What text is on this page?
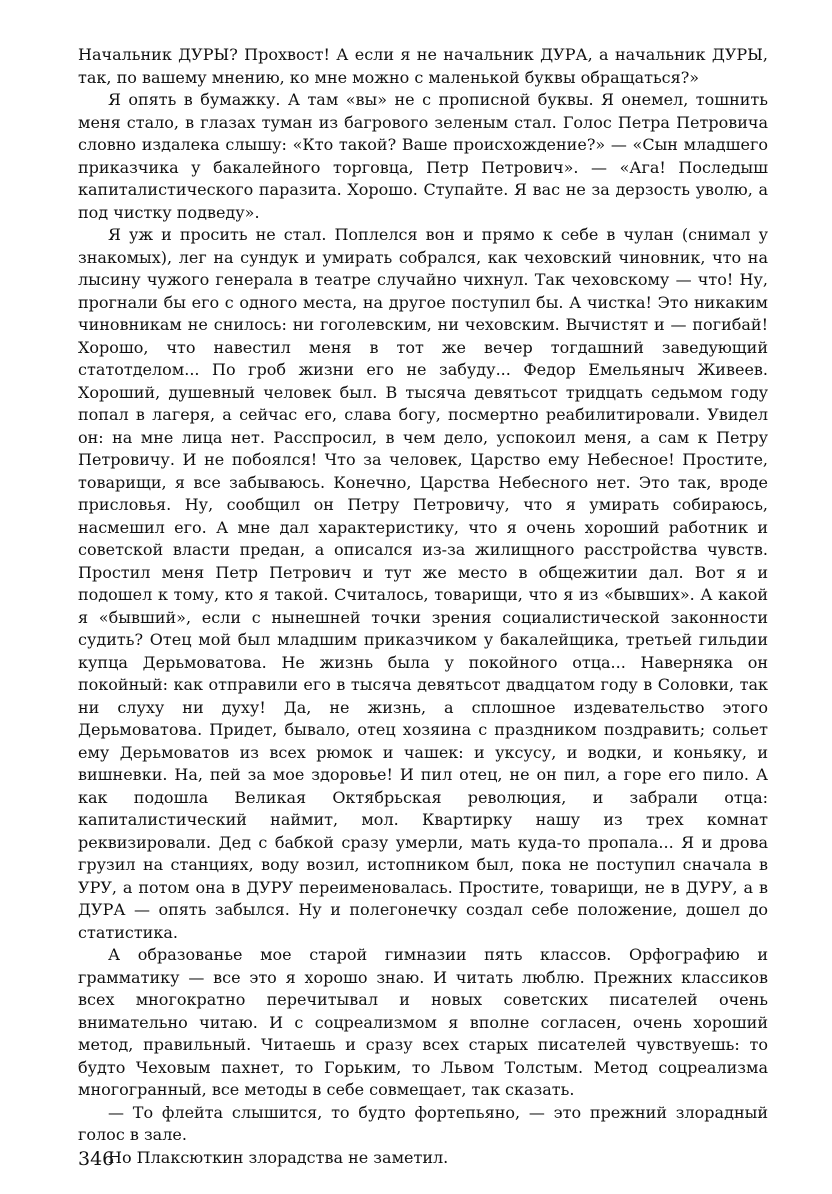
Начальник ДУРЫ? Прохвост! А если я не начальник ДУРА, а начальник ДУРЫ, так, по вашему мнению, ко мне можно с маленькой буквы обращаться?»

Я опять в бумажку. А там «вы» не с прописной буквы. Я онемел, тошнить меня стало, в глазах туман из багрового зеленым стал. Голос Петра Петровича словно издалека слышу: «Кто такой? Ваше происхождение?» — «Сын младшего приказчика у бакалейного торговца, Петр Петрович». — «Ага! Последыш капиталистического паразита. Хорошо. Ступайте. Я вас не за дерзость уволю, а под чистку подведу».

Я уж и просить не стал. Поплелся вон и прямо к себе в чулан (снимал у знакомых), лег на сундук и умирать собрался, как чеховский чиновник, что на лысину чужого генерала в театре случайно чихнул. Так чеховскому — что! Ну, прогнали бы его с одного места, на другое поступил бы. А чистка! Это никаким чиновникам не снилось: ни гоголевским, ни чеховским. Вычистят и — погибай! Хорошо, что навестил меня в тот же вечер тогдашний заведующий статотделом... По гроб жизни его не забуду... Федор Емельяныч Живеев. Хороший, душевный человек был. В тысяча девятьсот тридцать седьмом году попал в лагеря, а сейчас его, слава богу, посмертно реабилитировали. Увидел он: на мне лица нет. Расспросил, в чем дело, успокоил меня, а сам к Петру Петровичу. И не побоялся! Что за человек, Царство ему Небесное! Простите, товарищи, я все забываюсь. Конечно, Царства Небесного нет. Это так, вроде присловья. Ну, сообщил он Петру Петровичу, что я умирать собираюсь, насмешил его. А мне дал характеристику, что я очень хороший работник и советской власти предан, а описался из-за жилищного расстройства чувств. Простил меня Петр Петрович и тут же место в общежитии дал. Вот я и подошел к тому, кто я такой. Считалось, товарищи, что я из «бывших». А какой я «бывший», если с нынешней точки зрения социалистической законности судить? Отец мой был младшим приказчиком у бакалейщика, третьей гильдии купца Дерьмоватова. Не жизнь была у покойного отца... Наверняка он покойный: как отправили его в тысяча девятьсот двадцатом году в Соловки, так ни слуху ни духу! Да, не жизнь, а сплошное издевательство этого Дерьмоватова. Придет, бывало, отец хозяина с праздником поздравить; сольет ему Дерьмоватов из всех рюмок и чашек: и уксусу, и водки, и коньяку, и вишневки. На, пей за мое здоровье! И пил отец, не он пил, а горе его пило. А как подошла Великая Октябрьская революция, и забрали отца: капиталистический наймит, мол. Квартирку нашу из трех комнат реквизировали. Дед с бабкой сразу умерли, мать куда-то пропала... Я и дрова грузил на станциях, воду возил, истопником был, пока не поступил сначала в УРУ, а потом она в ДУРУ переименовалась. Простите, товарищи, не в ДУРУ, а в ДУРА — опять забылся. Ну и полегонечку создал себе положение, дошел до статистика.

А образованье мое старой гимназии пять классов. Орфографию и грамматику — все это я хорошо знаю. И читать люблю. Прежних классиков всех многократно перечитывал и новых советских писателей очень внимательно читаю. И с соцреализмом я вполне согласен, очень хороший метод, правильный. Читаешь и сразу всех старых писателей чувствуешь: то будто Чеховым пахнет, то Горьким, то Львом Толстым. Метод соцреализма многогранный, все методы в себе совмещает, так сказать.

— То флейта слышится, то будто фортепьяно, — это прежний злорадный голос в зале.

Но Плаксюткин злорадства не заметил.

346
